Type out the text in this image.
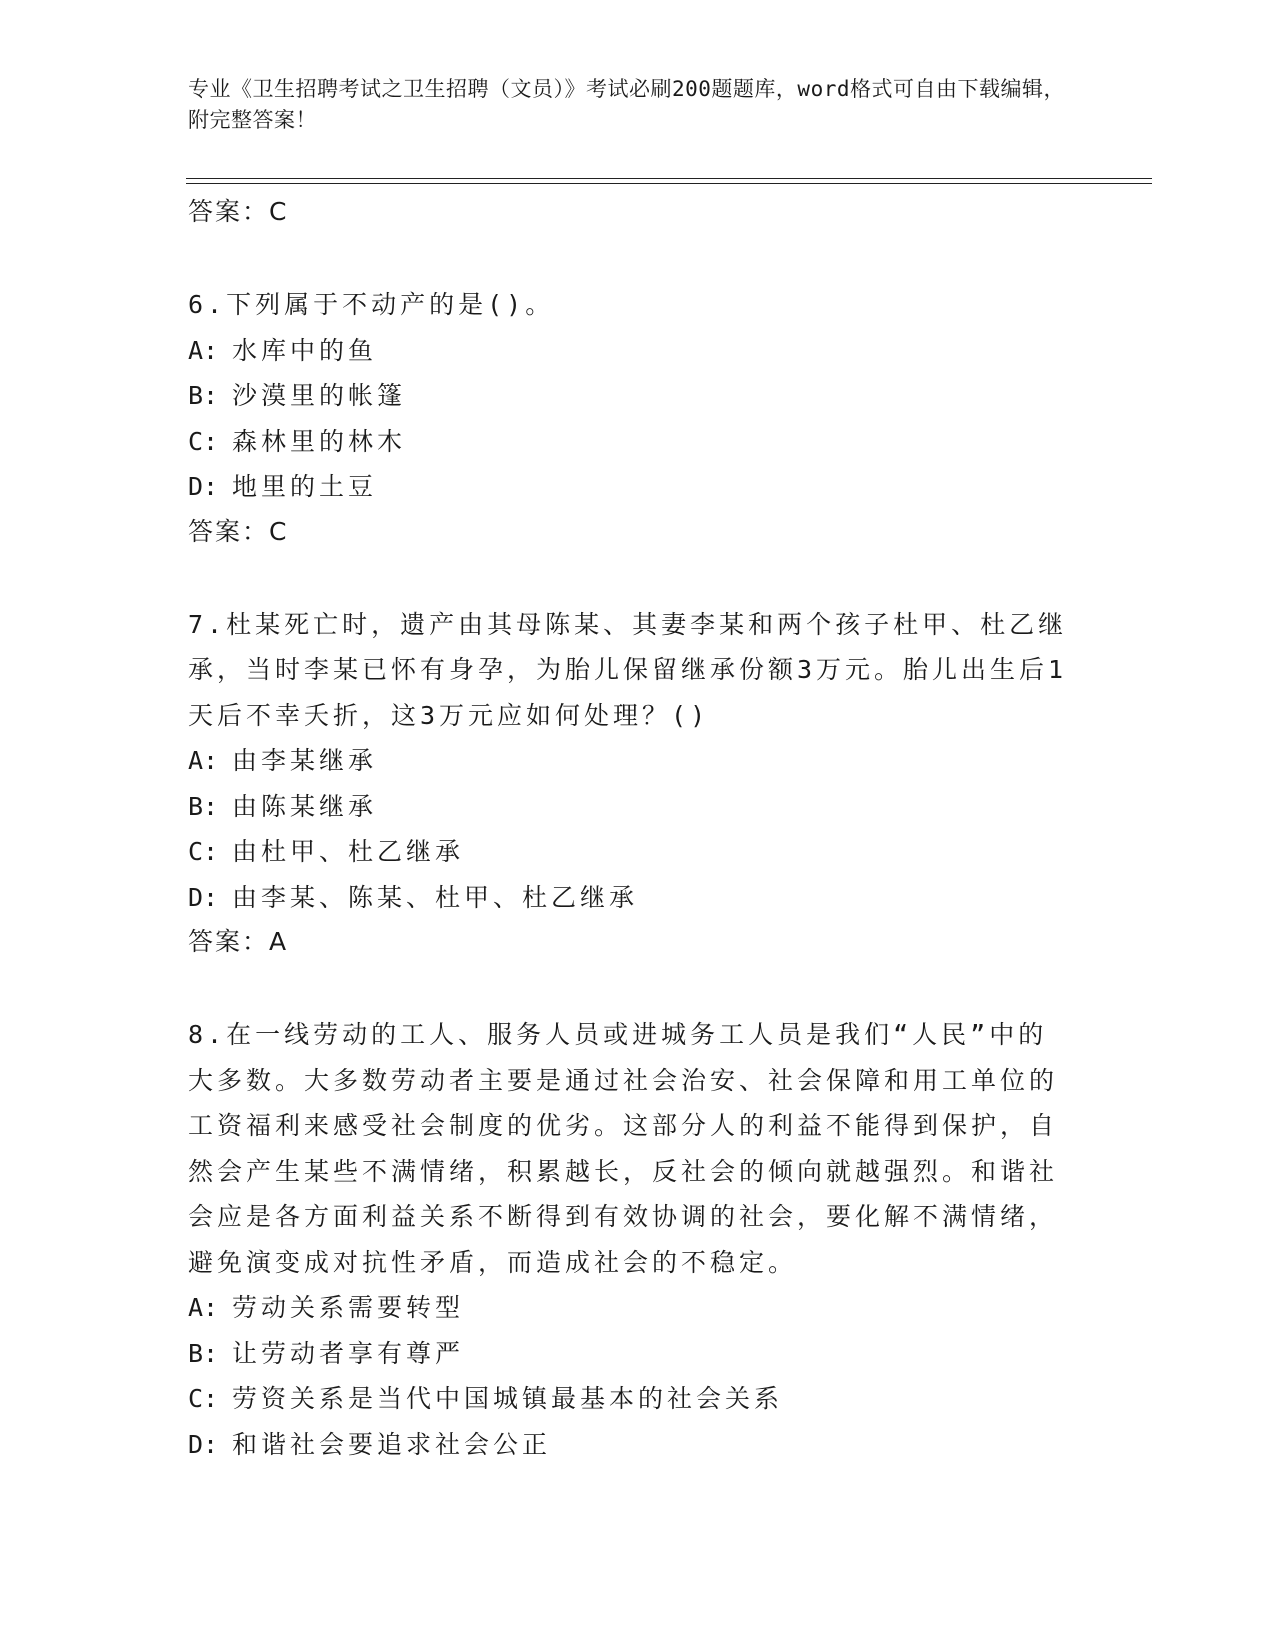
专业《卫生招聘考试之卫生招聘（文员）》考试必刷200题题库，word格式可自由下载编辑，附完整答案！
答案：C

6.下列属于不动产的是()。

A: 水库中的鱼
B: 沙漠里的帐篷
C: 森林里的林木
D: 地里的土豆
答案：C

7.杜某死亡时，遗产由其母陈某、其妻李某和两个孩子杜甲、杜乙继承，当时李某已怀有身孕，为胎儿保留继承份额3万元。胎儿出生后1天后不幸夭折，这3万元应如何处理？()

A: 由李某继承
B: 由陈某继承
C: 由杜甲、杜乙继承
D: 由李某、陈某、杜甲、杜乙继承
答案：A

8.在一线劳动的工人、服务人员或进城务工人员是我们“人民”中的大多数。大多数劳动者主要是通过社会治安、社会保障和用工单位的工资福利来感受社会制度的优劣。这部分人的利益不能得到保护，自然会产生某些不满情绪，积累越长，反社会的倾向就越强烈。和谐社会应是各方面利益关系不断得到有效协调的社会，要化解不满情绪，避免演变成对抗性矛盾，而造成社会的不稳定。

A: 劳动关系需要转型
B: 让劳动者享有尊严
C: 劳资关系是当代中国城镇最基本的社会关系
D: 和谐社会要追求社会公正
